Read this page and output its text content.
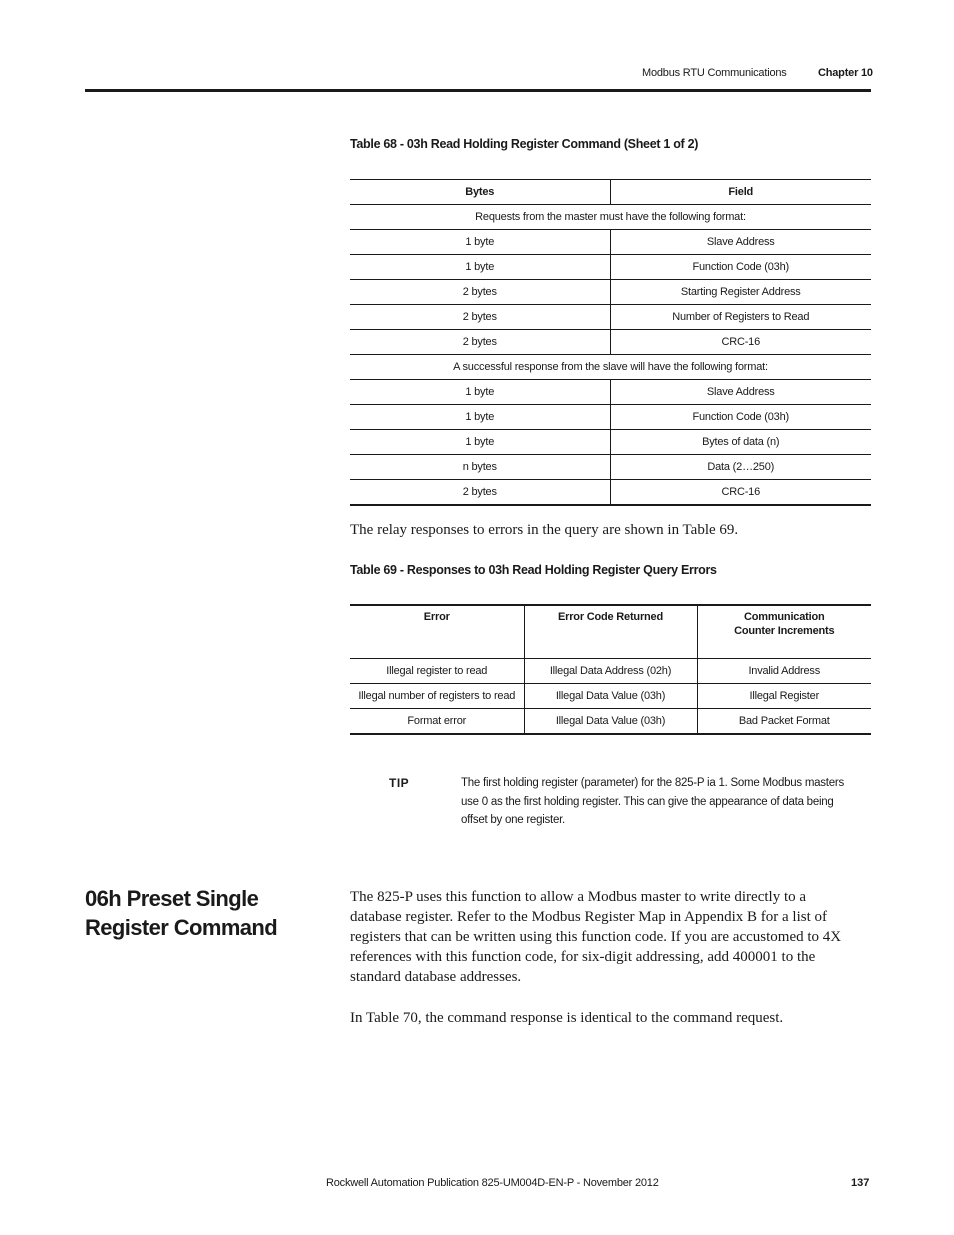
Modbus RTU Communications	Chapter 10
Table 68 - 03h Read Holding Register Command (Sheet 1 of 2)
Bytes	Field
Requests from the master must have the following format:	
1 byte	Slave Address
1 byte	Function Code (03h)
2 bytes	Starting Register Address
2 bytes	Number of Registers to Read
2 bytes	CRC-16
A successful response from the slave will have the following format:	
1 byte	Slave Address
1 byte	Function Code (03h)
1 byte	Bytes of data (n)
n bytes	Data (2…250)
2 bytes	CRC-16
The relay responses to errors in the query are shown in Table 69.
Table 69 - Responses to 03h Read Holding Register Query Errors
Error	Error Code Returned	Communication Counter Increments
Illegal register to read	Illegal Data Address (02h)	Invalid Address
Illegal number of registers to read	Illegal Data Value (03h)	Illegal Register
Format error	Illegal Data Value (03h)	Bad Packet Format
TIP	The first holding register (parameter) for the 825-P ia 1. Some Modbus masters use 0 as the first holding register. This can give the appearance of data being offset by one register.
06h Preset Single Register Command
The 825-P uses this function to allow a Modbus master to write directly to a database register. Refer to the Modbus Register Map in Appendix B for a list of registers that can be written using this function code. If you are accustomed to 4X references with this function code, for six-digit addressing, add 400001 to the standard database addresses.
In Table 70, the command response is identical to the command request.
Rockwell Automation Publication 825-UM004D-EN-P - November 2012	137
